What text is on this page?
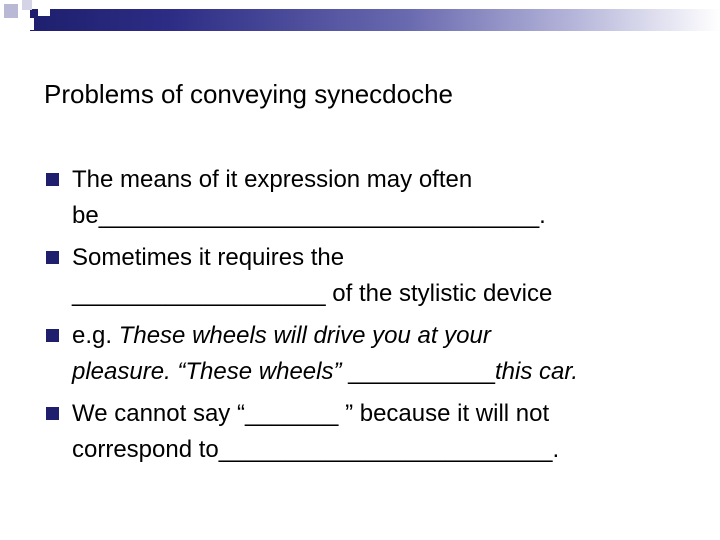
Problems of conveying synecdoche
The means of it expression may often
be_________________________________.
Sometimes it requires the
___________________ of the stylistic device
e.g. These wheels will drive you at your
pleasure. “These wheels” ___________this car.
We cannot say “_______ ” because it will not
correspond to_________________________.
